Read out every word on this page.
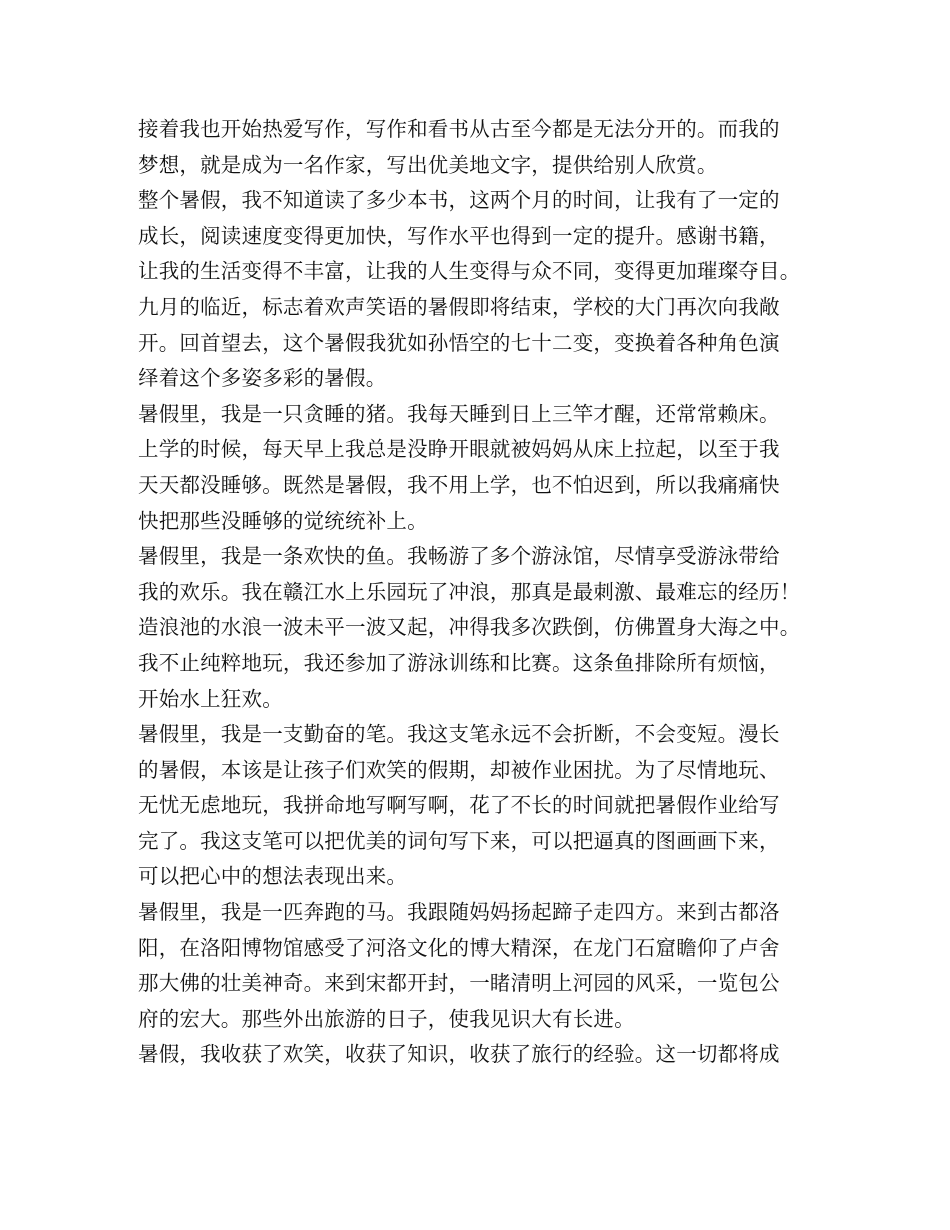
接着我也开始热爱写作，写作和看书从古至今都是无法分开的。而我的
梦想，就是成为一名作家，写出优美地文字，提供给别人欣赏。
整个暑假，我不知道读了多少本书，这两个月的时间，让我有了一定的
成长，阅读速度变得更加快，写作水平也得到一定的提升。感谢书籍，
让我的生活变得不丰富，让我的人生变得与众不同，变得更加璀璨夺目。
九月的临近，标志着欢声笑语的暑假即将结束，学校的大门再次向我敞
开。回首望去，这个暑假我犹如孙悟空的七十二变，变换着各种角色演
绎着这个多姿多彩的暑假。
暑假里，我是一只贪睡的猪。我每天睡到日上三竿才醒，还常常赖床。
上学的时候，每天早上我总是没睁开眼就被妈妈从床上拉起，以至于我
天天都没睡够。既然是暑假，我不用上学，也不怕迟到，所以我痛痛快
快把那些没睡够的觉统统补上。
暑假里，我是一条欢快的鱼。我畅游了多个游泳馆，尽情享受游泳带给
我的欢乐。我在赣江水上乐园玩了冲浪，那真是最刺激、最难忘的经历！
造浪池的水浪一波未平一波又起，冲得我多次跌倒，仿佛置身大海之中。
我不止纯粹地玩，我还参加了游泳训练和比赛。这条鱼排除所有烦恼，
开始水上狂欢。
暑假里，我是一支勤奋的笔。我这支笔永远不会折断，不会变短。漫长
的暑假，本该是让孩子们欢笑的假期，却被作业困扰。为了尽情地玩、
无忧无虑地玩，我拼命地写啊写啊，花了不长的时间就把暑假作业给写
完了。我这支笔可以把优美的词句写下来，可以把逼真的图画画下来，
可以把心中的想法表现出来。
暑假里，我是一匹奔跑的马。我跟随妈妈扬起蹄子走四方。来到古都洛
阳，在洛阳博物馆感受了河洛文化的博大精深，在龙门石窟瞻仰了卢舍
那大佛的壮美神奇。来到宋都开封，一睹清明上河园的风采，一览包公
府的宏大。那些外出旅游的日子，使我见识大有长进。
暑假，我收获了欢笑，收获了知识，收获了旅行的经验。这一切都将成
